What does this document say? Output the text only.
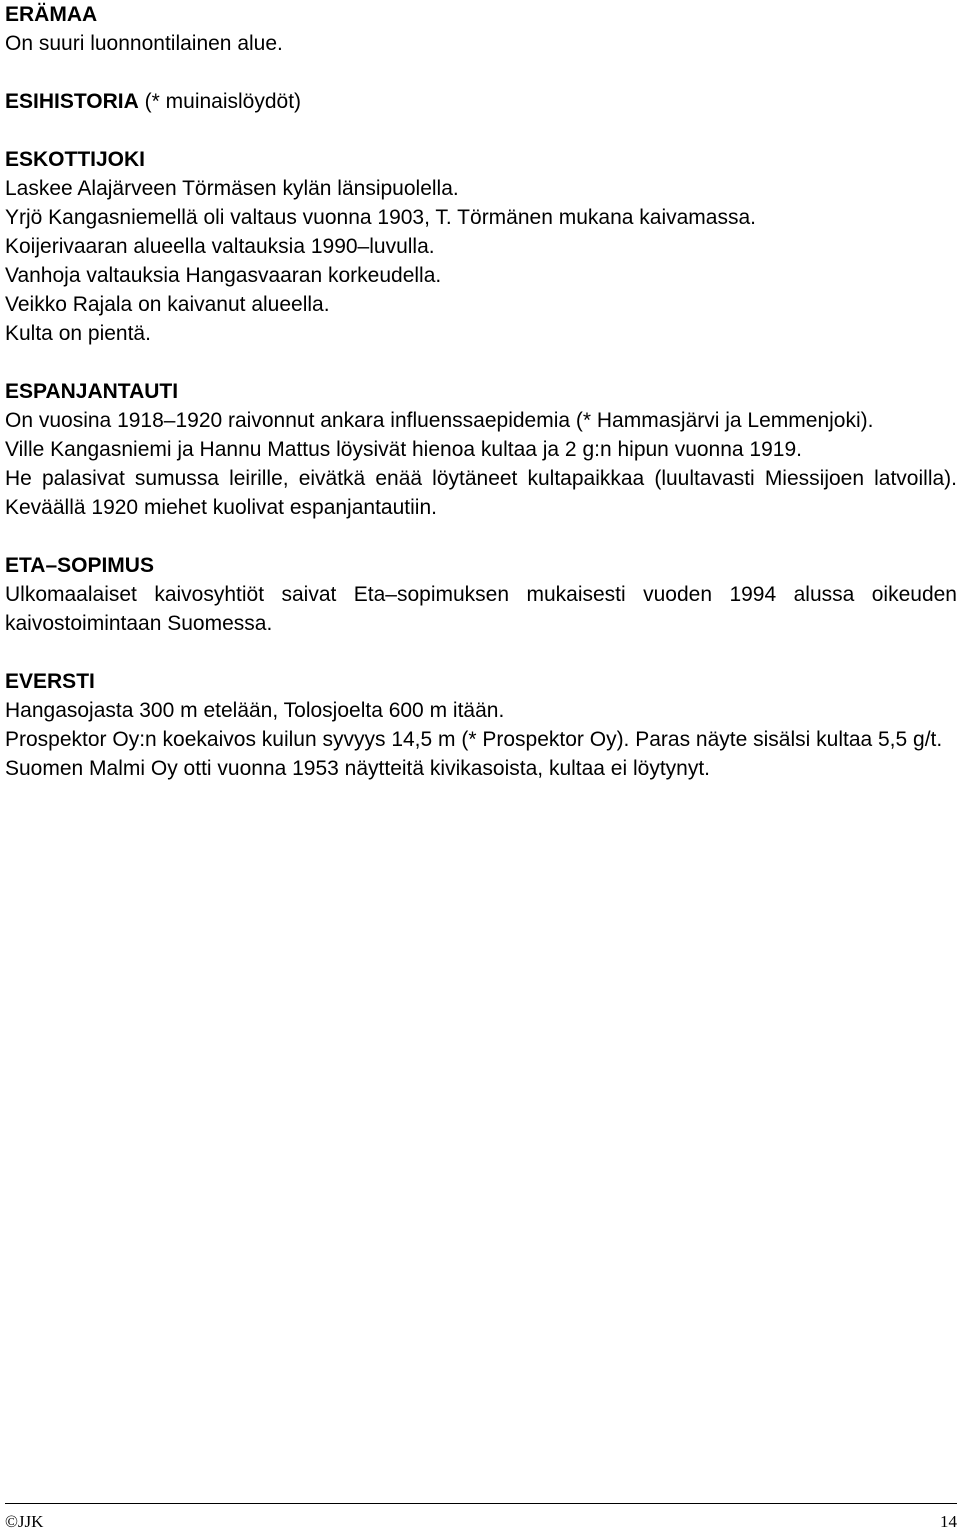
ERÄMAA
On suuri luonnontilainen alue.
ESIHISTORIA (* muinaislöydöt)
ESKOTTIJOKI
Laskee Alajärveen Törmäsen kylän länsipuolella.
Yrjö Kangasniemellä oli valtaus vuonna 1903, T. Törmänen mukana kaivamassa.
Koijerivaaran alueella valtauksia 1990–luvulla.
Vanhoja valtauksia Hangasvaaran korkeudella.
Veikko Rajala on kaivanut alueella.
Kulta on pientä.
ESPANJANTAUTI
On vuosina 1918–1920 raivonnut ankara influenssaepidemia (* Hammasjärvi ja Lemmenjoki).
Ville Kangasniemi ja Hannu Mattus löysivät hienoa kultaa ja 2 g:n hipun vuonna 1919.
He palasivat sumussa leirille, eivätkä enää löytäneet kultapaikkaa (luultavasti Miessijoen latvoilla). Keväällä 1920 miehet kuolivat espanjantautiin.
ETA–SOPIMUS
Ulkomaalaiset kaivosyhtiöt saivat Eta–sopimuksen mukaisesti vuoden 1994 alussa oikeuden kaivostoimintaan Suomessa.
EVERSTI
Hangasojasta 300 m etelään, Tolosjoelta 600 m itään.
Prospektor Oy:n koekaivos kuilun syvyys 14,5 m (* Prospektor Oy). Paras näyte sisälsi kultaa 5,5 g/t.
Suomen Malmi Oy otti vuonna 1953 näytteitä kivikasoista, kultaa ei löytynyt.
©JJK	14
